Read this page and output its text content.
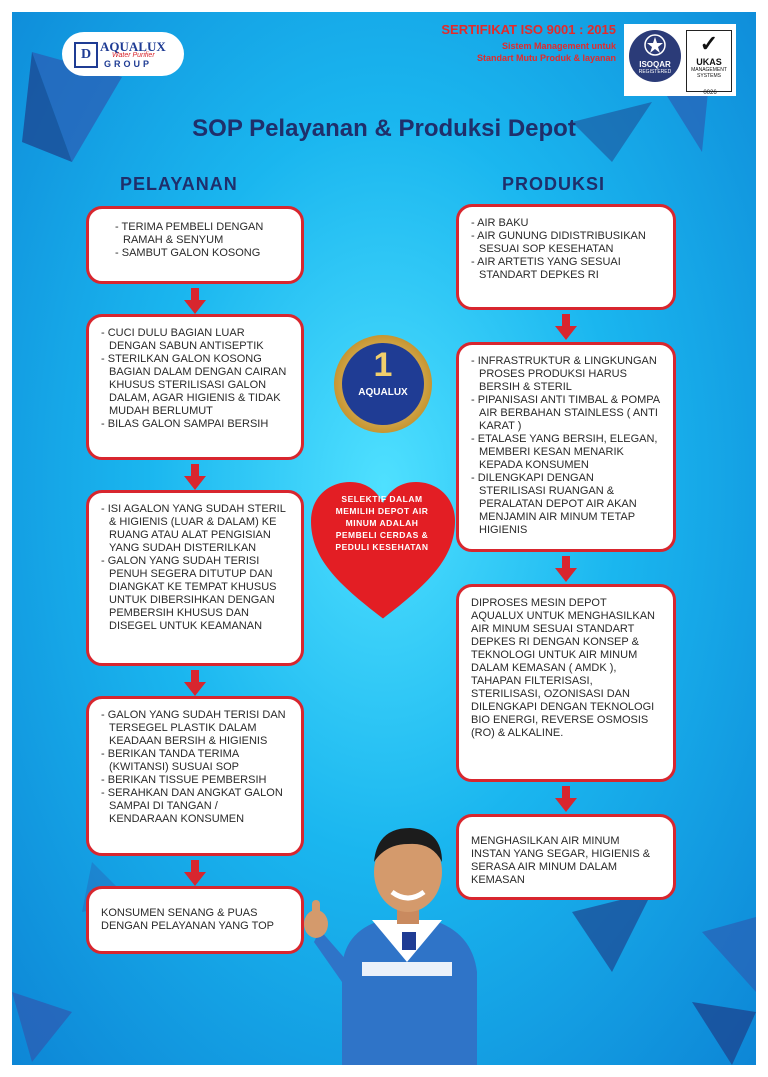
D
AQUALUX
Water Purifier
GROUP
SERTIFIKAT ISO 9001 : 2015
Sistem Management untuk
Standart Mutu Produk & layanan
ISOQAR
REGISTERED
✓
UKAS
MANAGEMENT SYSTEMS
0026
SOP Pelayanan & Produksi Depot
PELAYANAN	PRODUKSI
- TERIMA PEMBELI DENGAN RAMAH & SENYUM
- SAMBUT GALON KOSONG
- CUCI DULU BAGIAN LUAR DENGAN SABUN ANTISEPTIK
- STERILKAN GALON KOSONG BAGIAN DALAM DENGAN CAIRAN KHUSUS STERILISASI GALON DALAM, AGAR HIGIENIS & TIDAK MUDAH BERLUMUT
- BILAS GALON SAMPAI BERSIH
- ISI AGALON YANG SUDAH STERIL & HIGIENIS (LUAR & DALAM) KE RUANG ATAU ALAT PENGISIAN YANG SUDAH DISTERILKAN
- GALON YANG SUDAH TERISI PENUH SEGERA DITUTUP DAN DIANGKAT KE TEMPAT KHUSUS UNTUK DIBERSIHKAN DENGAN PEMBERSIH KHUSUS DAN DISEGEL UNTUK KEAMANAN
- GALON YANG SUDAH TERISI DAN TERSEGEL PLASTIK DALAM KEADAAN BERSIH & HIGIENIS
- BERIKAN TANDA TERIMA (KWITANSI) SUSUAI SOP
- BERIKAN TISSUE PEMBERSIH
- SERAHKAN DAN ANGKAT GALON SAMPAI DI TANGAN / KENDARAAN KONSUMEN

KONSUMEN SENANG & PUAS DENGAN PELAYANAN YANG TOP

- AIR BAKU
- AIR GUNUNG DIDISTRIBUSIKAN SESUAI SOP KESEHATAN
- AIR ARTETIS YANG SESUAI STANDART DEPKES RI
- INFRASTRUKTUR & LINGKUNGAN PROSES PRODUKSI HARUS BERSIH & STERIL
- PIPANISASI ANTI TIMBAL & POMPA AIR BERBAHAN STAINLESS ( ANTI KARAT )
- ETALASE YANG BERSIH, ELEGAN, MEMBERI KESAN MENARIK KEPADA KONSUMEN
- DILENGKAPI DENGAN STERILISASI RUANGAN & PERALATAN DEPOT AIR AKAN MENJAMIN AIR MINUM TETAP HIGIENIS

DIPROSES MESIN DEPOT AQUALUX UNTUK MENGHASILKAN AIR MINUM SESUAI STANDART DEPKES RI DENGAN KONSEP & TEKNOLOGI UNTUK AIR MINUM DALAM KEMASAN ( AMDK ), TAHAPAN FILTERISASI, STERILISASI, OZONISASI DAN DILENGKAPI DENGAN TEKNOLOGI BIO ENERGI, REVERSE OSMOSIS (RO) & ALKALINE.

MENGHASILKAN AIR MINUM INSTAN YANG SEGAR, HIGIENIS & SERASA AIR MINUM DALAM KEMASAN

1
AQUALUX
SELEKTIF DALAM MEMILIH DEPOT AIR MINUM ADALAH PEMBELI CERDAS & PEDULI KESEHATAN
